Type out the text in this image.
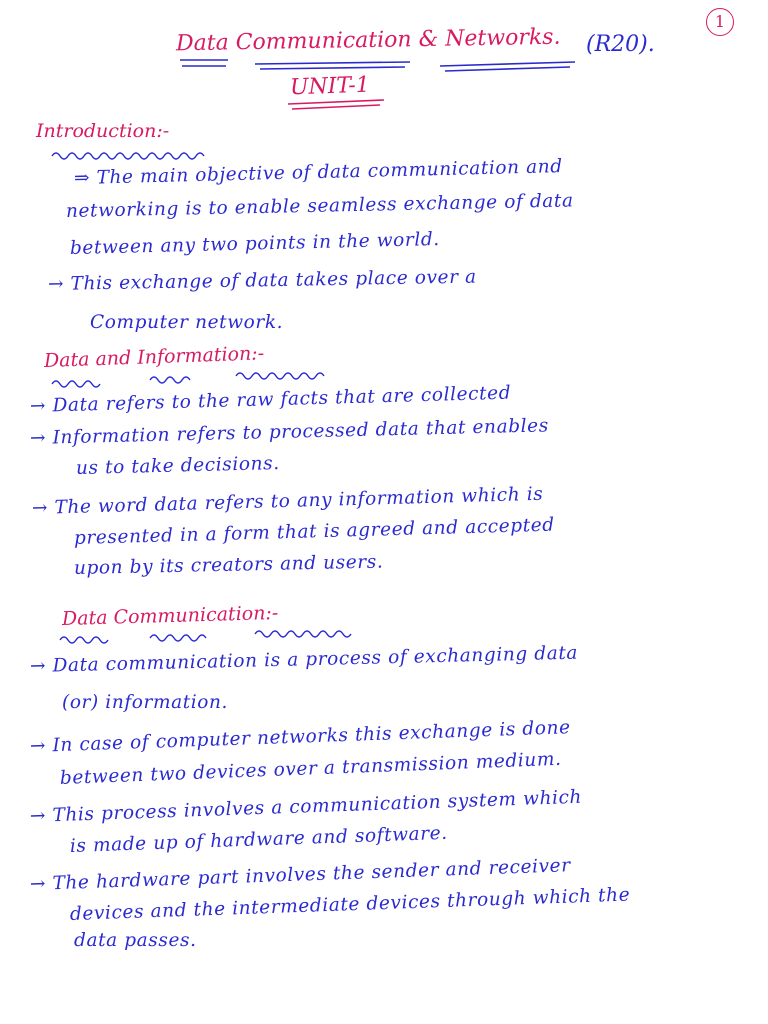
1
Data Communication & Networks. (R20).
UNIT-1
Introduction:-
⇒ The main objective of data communication and
networking is to enable seamless exchange of data
between any two points in the world.
→ This exchange of data takes place over a
Computer network.
Data and Information:-
→ Data refers to the raw facts that are collected
→ Information refers to processed data that enables
us to take decisions.
→ The word data refers to any information which is
presented in a form that is agreed and accepted
upon by its creators and users.
Data Communication:-
→ Data communication is a process of exchanging data
(or) information.
→ In case of computer networks this exchange is done
between two devices over a transmission medium.
→ This process involves a communication system which
is made up of hardware and software.
→ The hardware part involves the sender and receiver
devices and the intermediate devices through which the
data passes.
